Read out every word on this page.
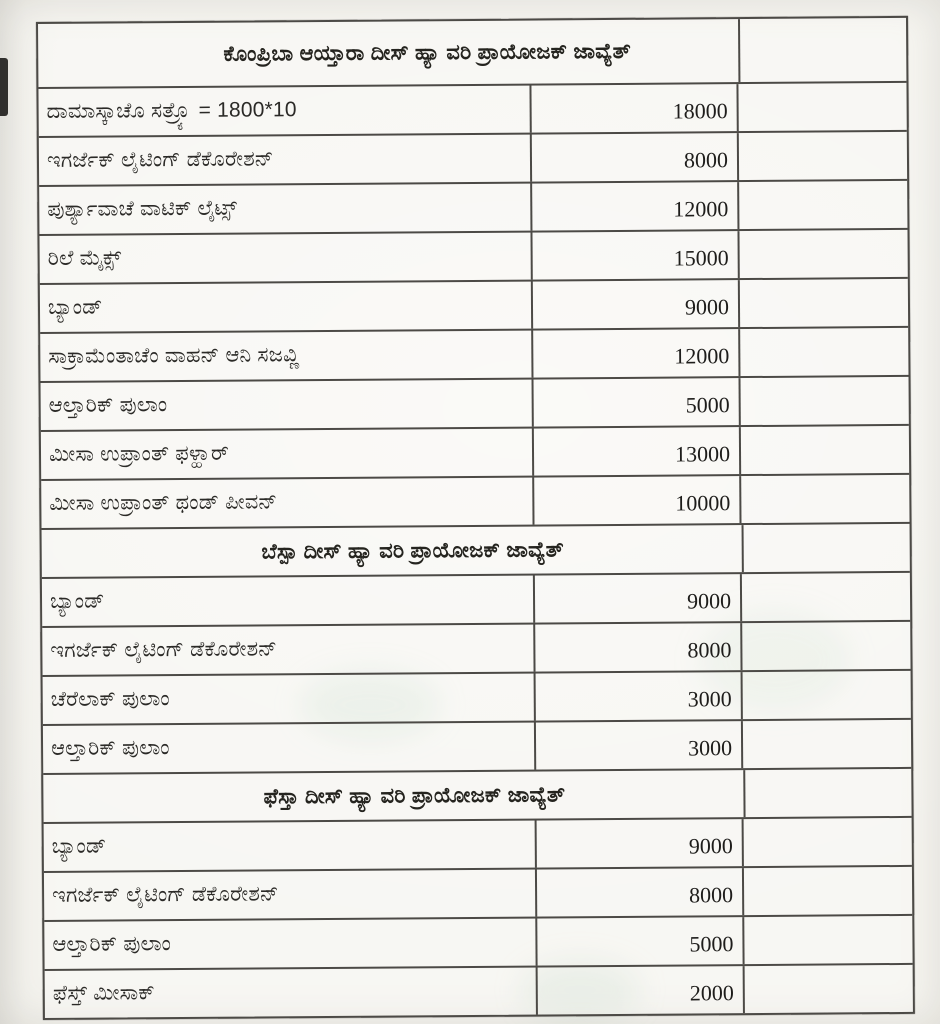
ಕೊಂಪ್ರಿಬಾ ಆಯ್ತಾರಾ ದೀಸ್ ಹ್ಯಾ ವರಿ ಪ್ರಾಯೋಜಕ್ ಜಾವ್ಯೆತ್
ದಾಮಾಸ್ಕಾಚೊ ಸತ್ರ್ಯೊ = 1800*10	18000
ಇಗರ್ಜೆಕ್ ಲೈಟಿಂಗ್ ಡೆಕೊರೇಶನ್	8000
ಪುರ್ಶ್ಯಾವಾಚೆ ವಾಟಿಕ್ ಲೈಟ್ಸ್	12000
ರಿಲೆ ಮೈಕ್ಸ್	15000
ಬ್ಯಾಂಡ್	9000
ಸಾಕ್ರಾಮೆಂತಾಚೆಂ ವಾಹನ್ ಆನಿ ಸಜವ್ಣಿ	12000
ಆಲ್ತಾರಿಕ್ ಪುಲಾಂ	5000
ಮೀಸಾ ಉಪ್ರಾಂತ್ ಫಳ್ಹಾರ್	13000
ಮೀಸಾ ಉಪ್ರಾಂತ್ ಥಂಡ್ ಪೀವನ್	10000
ಬೆಸ್ಪಾ ದೀಸ್ ಹ್ಯಾ ವರಿ ಪ್ರಾಯೋಜಕ್ ಜಾವ್ಯೆತ್
ಬ್ಯಾಂಡ್	9000
ಇಗರ್ಜೆಕ್ ಲೈಟಿಂಗ್ ಡೆಕೊರೇಶನ್	8000
ಚೆರೆಲಾಕ್ ಪುಲಾಂ	3000
ಆಲ್ತಾರಿಕ್ ಪುಲಾಂ	3000
ಫೆಸ್ತಾ ದೀಸ್ ಹ್ಯಾ ವರಿ ಪ್ರಾಯೋಜಕ್ ಜಾವ್ಯೆತ್
ಬ್ಯಾಂಡ್	9000
ಇಗರ್ಜೆಕ್ ಲೈಟಿಂಗ್ ಡೆಕೊರೇಶನ್	8000
ಆಲ್ತಾರಿಕ್ ಪುಲಾಂ	5000
ಫೆಸ್ತ್ ಮೀಸಾಕ್	2000
